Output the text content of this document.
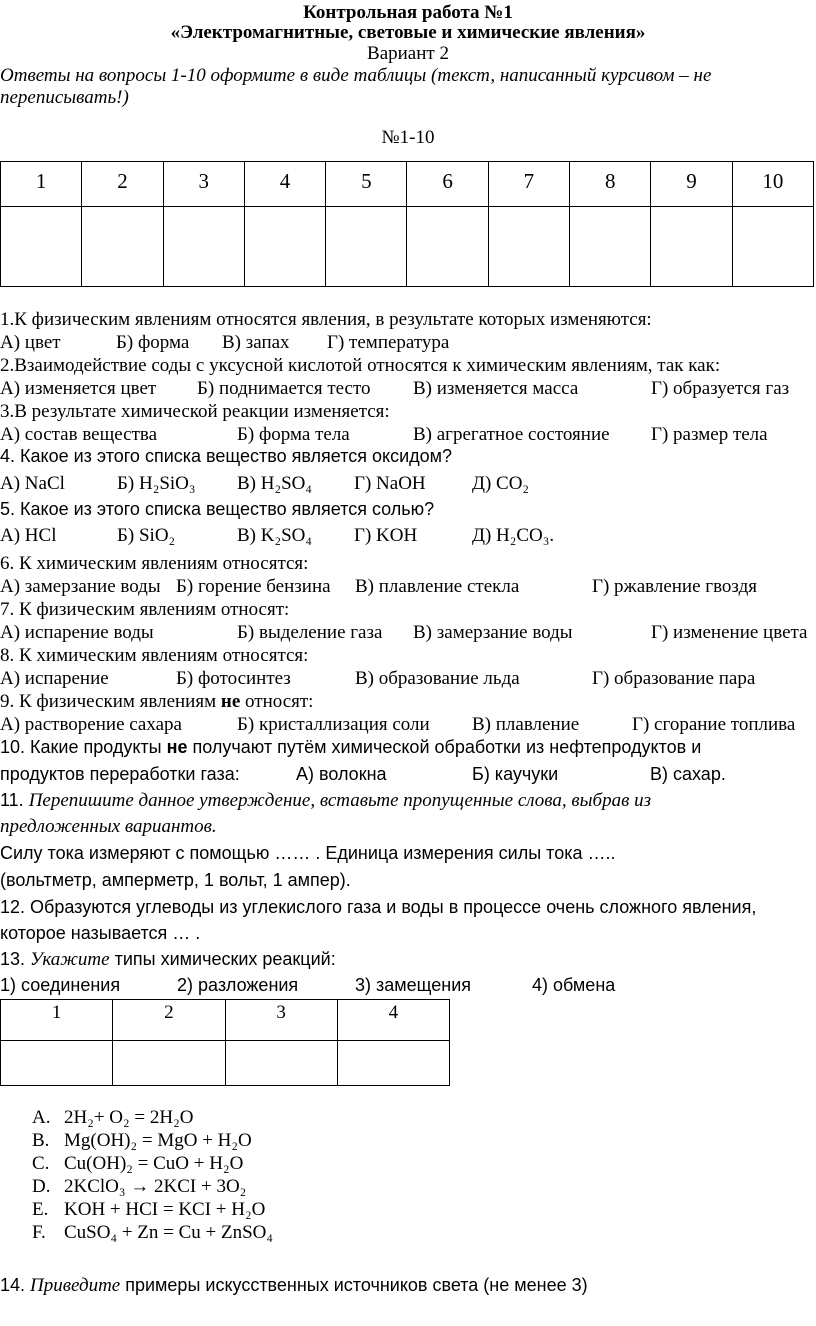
Контрольная работа №1
«Электромагнитные, световые и химические явления»
Вариант 2
Ответы на вопросы 1-10 оформите в виде таблицы (текст, написанный курсивом – не
переписывать!)
№1-10
1	2	3	4	5	6	7	8	9	10

1.К физическим явлениям относятся явления, в результате которых изменяются:
А) цвет	Б) форма В) запах Г) температура
2.Взаимодействие соды с уксусной кислотой относятся к химическим явлениям, так как:
А) изменяется цвет Б) поднимается тесто В) изменяется масса	Г) образуется газ
3.В результате химической реакции изменяется:
А) состав вещества	Б) форма тела	В) агрегатное состояние Г) размер тела
4. Какое из этого списка вещество является оксидом?
А) NaCl	Б) H₂SiO₃ В) H₂SO₄ Г) NaOH Д) CO₂
5. Какое из этого списка вещество является солью?
А) HCl	Б) SiO₂	В) K₂SO₄ Г) KOH	Д) H₂CO₃.
6. К химическим явлениям относятся:
А) замерзание воды Б) горение бензина В) плавление стекла	Г) ржавление гвоздя
7. К физическим явлениям относят:
А) испарение воды	Б) выделение газа В) замерзание воды	Г) изменение цвета
8. К химическим явлениям относятся:
А) испарение	Б) фотосинтез	В) образование льда	Г) образование пара
9. К физическим явлениям не относят:
А) растворение сахара	Б) кристаллизация соли В) плавление	Г) сгорание топлива
10. Какие продукты не получают путём химической обработки из нефтепродуктов и
продуктов переработки газа:	А) волокна	Б) каучуки	В) сахар.
11. Перепишите данное утверждение, вставьте пропущенные слова, выбрав из
предложенных вариантов.
Силу тока измеряют с помощью …… . Единица измерения силы тока …..
(вольтметр, амперметр, 1 вольт, 1 ампер).
12. Образуются углеводы из углекислого газа и воды в процессе очень сложного явления,
которое называется … .
13. Укажите типы химических реакций:
1) соединения	2) разложения	3) замещения	4) обмена
1	2	3	4

A. 2H₂+ O₂ = 2H₂O
B. Mg(OH)₂ = MgO + H₂O
C. Cu(OH)₂ = CuO + H₂O
D. 2KClO₃ → 2KCI + 3O₂
E. KOH + HCI = KCI + H₂O
F. CuSO₄ + Zn = Cu + ZnSO₄
14. Приведите примеры искусственных источников света (не менее 3)
